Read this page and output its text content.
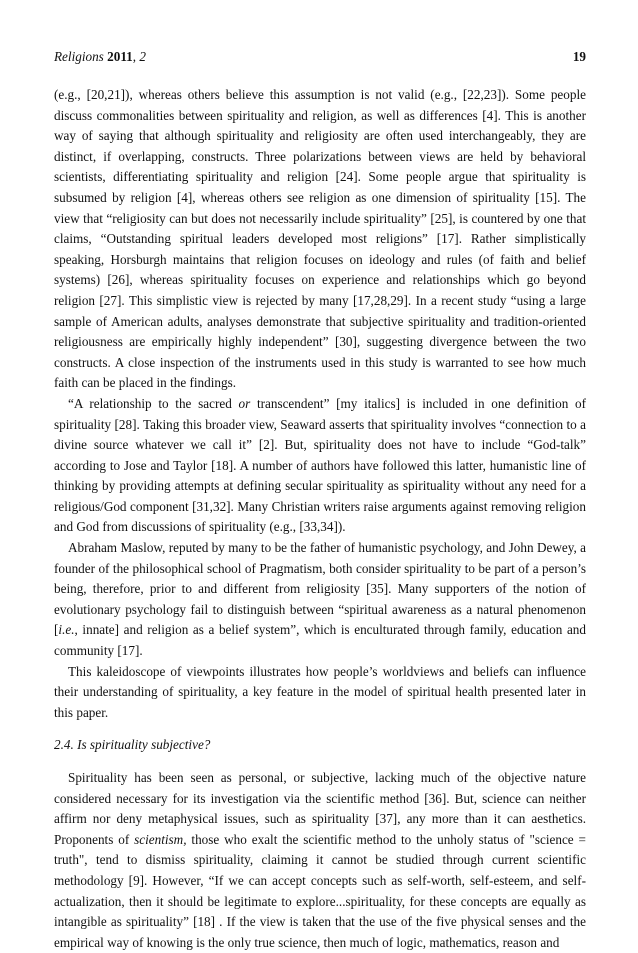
Religions 2011, 2	19

(e.g., [20,21]), whereas others believe this assumption is not valid (e.g., [22,23]). Some people discuss commonalities between spirituality and religion, as well as differences [4]. This is another way of saying that although spirituality and religiosity are often used interchangeably, they are distinct, if overlapping, constructs. Three polarizations between views are held by behavioral scientists, differentiating spirituality and religion [24]. Some people argue that spirituality is subsumed by religion [4], whereas others see religion as one dimension of spirituality [15]. The view that “religiosity can but does not necessarily include spirituality” [25], is countered by one that claims, “Outstanding spiritual leaders developed most religions” [17]. Rather simplistically speaking, Horsburgh maintains that religion focuses on ideology and rules (of faith and belief systems) [26], whereas spirituality focuses on experience and relationships which go beyond religion [27]. This simplistic view is rejected by many [17,28,29]. In a recent study “using a large sample of American adults, analyses demonstrate that subjective spirituality and tradition-oriented religiousness are empirically highly independent” [30], suggesting divergence between the two constructs. A close inspection of the instruments used in this study is warranted to see how much faith can be placed in the findings.

“A relationship to the sacred or transcendent” [my italics] is included in one definition of spirituality [28]. Taking this broader view, Seaward asserts that spirituality involves “connection to a divine source whatever we call it” [2]. But, spirituality does not have to include “God-talk” according to Jose and Taylor [18]. A number of authors have followed this latter, humanistic line of thinking by providing attempts at defining secular spirituality as spirituality without any need for a religious/God component [31,32]. Many Christian writers raise arguments against removing religion and God from discussions of spirituality (e.g., [33,34]).

Abraham Maslow, reputed by many to be the father of humanistic psychology, and John Dewey, a founder of the philosophical school of Pragmatism, both consider spirituality to be part of a person’s being, therefore, prior to and different from religiosity [35]. Many supporters of the notion of evolutionary psychology fail to distinguish between “spiritual awareness as a natural phenomenon [i.e., innate] and religion as a belief system”, which is enculturated through family, education and community [17].

This kaleidoscope of viewpoints illustrates how people’s worldviews and beliefs can influence their understanding of spirituality, a key feature in the model of spiritual health presented later in this paper.

2.4. Is spirituality subjective?

Spirituality has been seen as personal, or subjective, lacking much of the objective nature considered necessary for its investigation via the scientific method [36]. But, science can neither affirm nor deny metaphysical issues, such as spirituality [37], any more than it can aesthetics. Proponents of scientism, those who exalt the scientific method to the unholy status of "science = truth", tend to dismiss spirituality, claiming it cannot be studied through current scientific methodology [9]. However, “If we can accept concepts such as self-worth, self-esteem, and self-actualization, then it should be legitimate to explore...spirituality, for these concepts are equally as intangible as spirituality” [18] . If the view is taken that the use of the five physical senses and the empirical way of knowing is the only true science, then much of logic, mathematics, reason and
